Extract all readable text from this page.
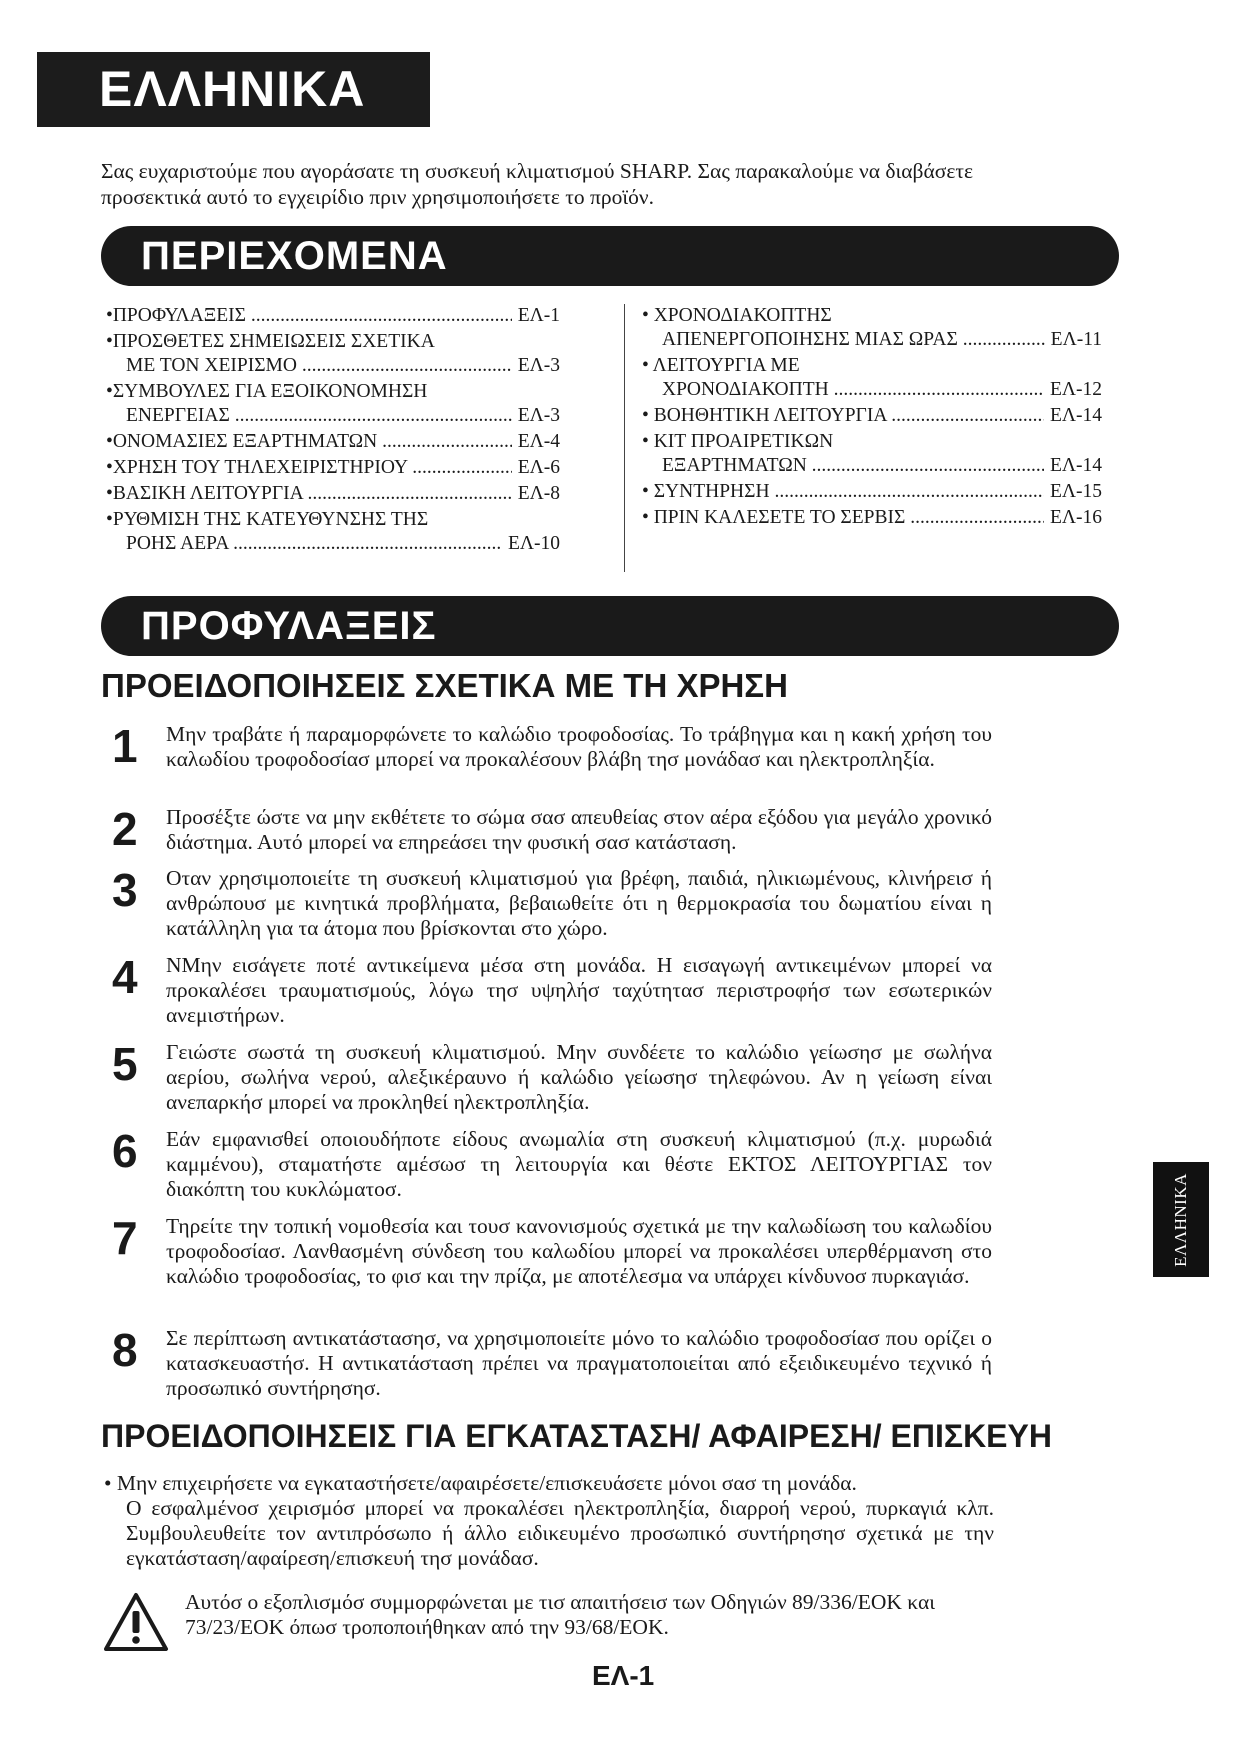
ΕΛΛΗΝΙΚΑ
Σας ευχαριστούμε που αγοράσατε τη συσκευή κλιματισμού SHARP. Σας παρακαλούμε να διαβάσετε προσεκτικά αυτό το εγχειρίδιο πριν χρησιμοποιήσετε το προϊόν.
ΠΕΡΙΕΧΟΜΕΝΑ
•ΠΡΟΦΥΛΑΞΕΙΣ .....	ΕΛ-1
•ΠΡΟΣΘΕΤΕΣ ΣΗΜΕΙΩΣΕΙΣ ΣΧΕΤΙΚΑ
ΜΕ ΤΟΝ ΧΕΙΡΙΣΜΟ .....	ΕΛ-3
•ΣΥΜΒΟΥΛΕΣ ΓΙΑ ΕΞΟΙΚΟΝΟΜΗΣΗ
ΕΝΕΡΓΕΙΑΣ .....	ΕΛ-3
•ΟΝΟΜΑΣΙΕΣ ΕΞΑΡΤΗΜΑΤΩΝ .....	ΕΛ-4
•ΧΡΗΣΗ ΤΟΥ ΤΗΛΕΧΕΙΡΙΣΤΗΡΙΟΥ .....	ΕΛ-6
•ΒΑΣΙΚΗ ΛΕΙΤΟΥΡΓΙΑ .....	ΕΛ-8
•ΡΥΘΜΙΣΗ ΤΗΣ ΚΑΤΕΥΘΥΝΣΗΣ ΤΗΣ
ΡΟΗΣ ΑΕΡΑ .....	ΕΛ-10
• ΧΡΟΝΟΔΙΑΚΟΠΤΗΣ
ΑΠΕΝΕΡΓΟΠΟΙΗΣΗΣ ΜΙΑΣ ΩΡΑΣ .....	ΕΛ-11
• ΛΕΙΤΟΥΡΓΙΑ ΜΕ
ΧΡΟΝΟΔΙΑΚΟΠΤΗ .....	ΕΛ-12
• ΒΟΗΘΗΤΙΚΗ ΛΕΙΤΟΥΡΓΙΑ .....	ΕΛ-14
• ΚΙΤ ΠΡΟΑΙΡΕΤΙΚΩΝ
ΕΞΑΡΤΗΜΑΤΩΝ .....	ΕΛ-14
• ΣΥΝΤΗΡΗΣΗ .....	ΕΛ-15
• ΠΡΙΝ ΚΑΛΕΣΕΤΕ ΤΟ ΣΕΡΒΙΣ .....	ΕΛ-16
ΠΡΟΦΥΛΑΞΕΙΣ
ΠΡΟΕΙΔΟΠΟΙΗΣΕΙΣ ΣΧΕΤΙΚΑ ΜΕ ΤΗ ΧΡΗΣΗ
1 Μην τραβάτε ή παραμορφώνετε το καλώδιο τροφοδοσίας. Το τράβηγμα και η κακή χρήση του καλωδίου τροφοδοσίασ μπορεί να προκαλέσουν βλάβη τησ μονάδασ και ηλεκτροπληξία.
2 Προσέξτε ώστε να μην εκθέτετε το σώμα σασ απευθείας στον αέρα εξόδου για μεγάλο χρονικό διάστημα. Αυτό μπορεί να επηρεάσει την φυσική σασ κατάσταση.
3 Οταν χρησιμοποιείτε τη συσκευή κλιματισμού για βρέφη, παιδιά, ηλικιωμένους, κλινήρεισ ή ανθρώπουσ με κινητικά προβλήματα, βεβαιωθείτε ότι η θερμοκρασία του δωματίου είναι η κατάλληλη για τα άτομα που βρίσκονται στο χώρο.
4 ΝΜην εισάγετε ποτέ αντικείμενα μέσα στη μονάδα. Η εισαγωγή αντικειμένων μπορεί να προκαλέσει τραυματισμούς, λόγω τησ υψηλήσ ταχύτητασ περιστροφήσ των εσωτερικών ανεμιστήρων.
5 Γειώστε σωστά τη συσκευή κλιματισμού. Μην συνδέετε το καλώδιο γείωσησ με σωλήνα αερίου, σωλήνα νερού, αλεξικέραυνο ή καλώδιο γείωσησ τηλεφώνου. Αν η γείωση είναι ανεπαρκήσ μπορεί να προκληθεί ηλεκτροπληξία.
6 Εάν εμφανισθεί οποιουδήποτε είδους ανωμαλία στη συσκευή κλιματισμού (π.χ. μυρωδιά καμμένου), σταματήστε αμέσωσ τη λειτουργία και θέστε ΕΚΤΟΣ ΛΕΙΤΟΥΡΓΙΑΣ τον διακόπτη του κυκλώματοσ.
7 Τηρείτε την τοπική νομοθεσία και τουσ κανονισμούς σχετικά με την καλωδίωση του καλωδίου τροφοδοσίασ. Λανθασμένη σύνδεση του καλωδίου μπορεί να προκαλέσει υπερθέρμανση στο καλώδιο τροφοδοσίας, το φισ και την πρίζα, με αποτέλεσμα να υπάρχει κίνδυνοσ πυρκαγιάσ.
8 Σε περίπτωση αντικατάστασησ, να χρησιμοποιείτε μόνο το καλώδιο τροφοδοσίασ που ορίζει ο κατασκευαστήσ. Η αντικατάσταση πρέπει να πραγματοποιείται από εξειδικευμένο τεχνικό ή προσωπικό συντήρησησ.
ΠΡΟΕΙΔΟΠΟΙΗΣΕΙΣ ΓΙΑ ΕΓΚΑΤΑΣΤΑΣΗ/ ΑΦΑΙΡΕΣΗ/ ΕΠΙΣΚΕΥΗ
• Μην επιχειρήσετε να εγκαταστήσετε/αφαιρέσετε/επισκευάσετε μόνοι σασ τη μονάδα.
Ο εσφαλμένοσ χειρισμόσ μπορεί να προκαλέσει ηλεκτροπληξία, διαρροή νερού, πυρκαγιά κλπ. Συμβουλευθείτε τον αντιπρόσωπο ή άλλο ειδικευμένο προσωπικό συντήρησησ σχετικά με την εγκατάσταση/αφαίρεση/επισκευή τησ μονάδασ.
Αυτόσ ο εξοπλισμόσ συμμορφώνεται με τισ απαιτήσεισ των Οδηγιών 89/336/ΕΟΚ και 73/23/ΕΟΚ όπωσ τροποποιήθηκαν από την 93/68/ΕΟΚ.
ΕΛΛΗΝΙΚΑ
ΕΛ-1
